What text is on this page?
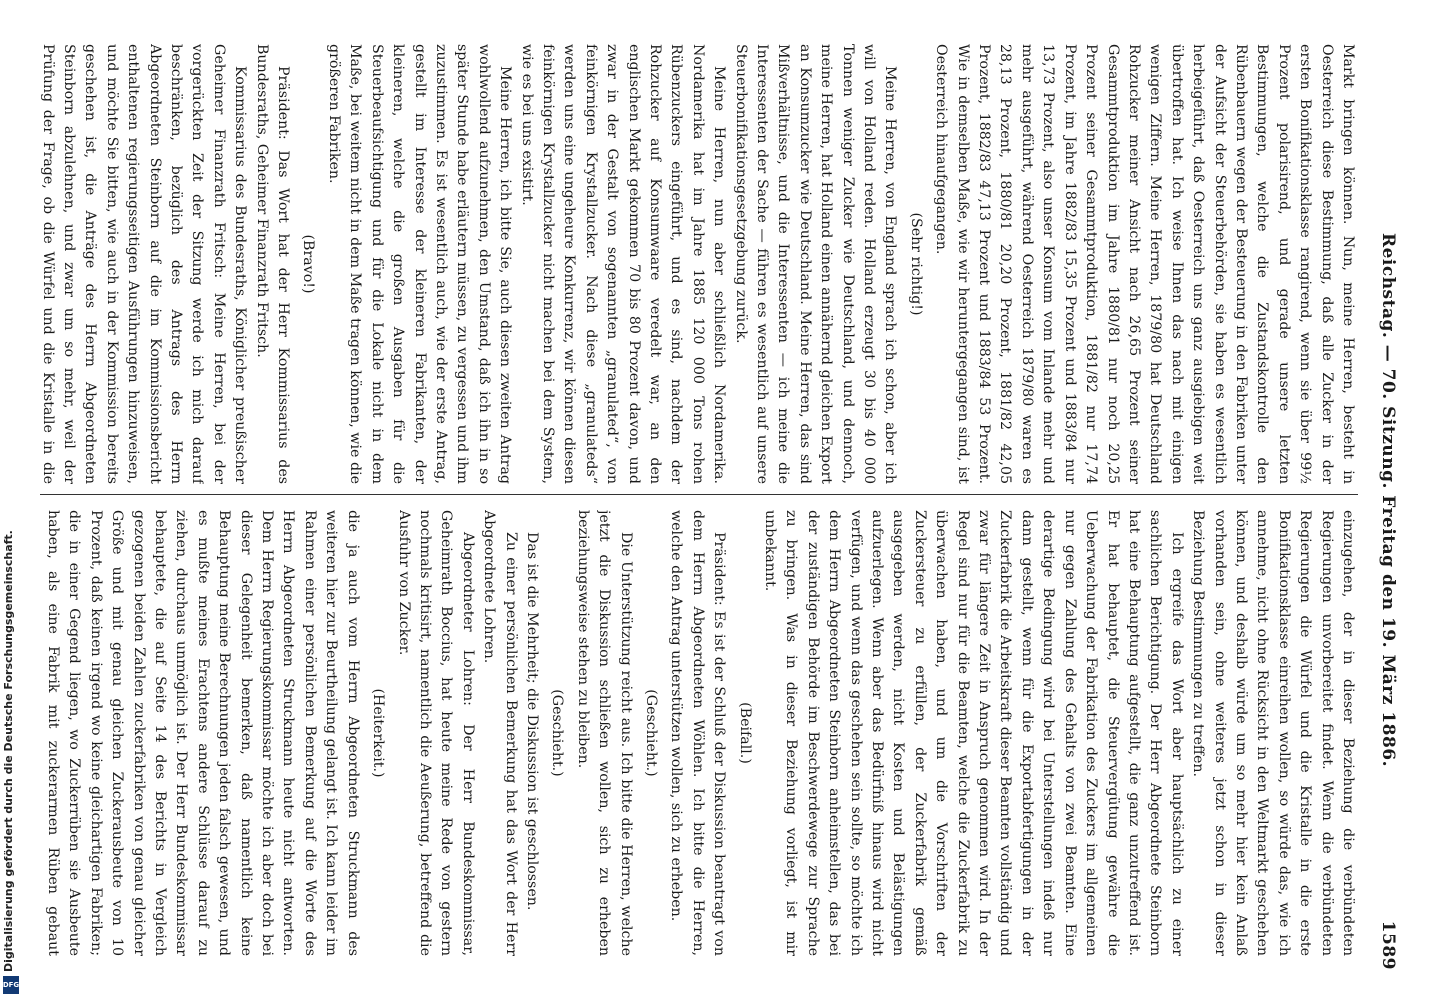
Reichstag. — 70. Sitzung. Freitag den 19. März 1886.
1589

Markt bringen können. Nun, meine Herren, besteht in Oesterreich diese Bestimmung, daß alle Zucker in der ersten Bonifikationsklasse rangirend, wenn sie über 99½ Prozent polarisirend, und gerade unsere letzten Bestimmungen, welche die Zustandskontrolle den Rübenbauern wegen der Besteuerung in den Fabriken unter der Aufsicht der Steuerbehörden, sie haben es wesentlich herbeigeführt, daß Oesterreich uns ganz ausgiebigen weit übertroffen hat. Ich weise Ihnen das nach mit einigen wenigen Ziffern. Meine Herren, 1879/80 hat Deutschland Rohzucker meiner Ansicht nach 26,65 Prozent seiner Gesammtproduktion im Jahre 1880/81 nur noch 20,25 Prozent seiner Gesammtproduktion, 1881/82 nur 17,74 Prozent, im Jahre 1882/83 15,35 Prozent und 1883/84 nur 13,73 Prozent, also unser Konsum vom Inlande mehr und mehr ausgeführt, während Oesterreich 1879/80 waren es 28,13 Prozent, 1880/81 20,20 Prozent, 1881/82 42,05 Prozent, 1882/83 47,13 Prozent und 1883/84 53 Prozent. Wie in demselben Maße, wie wir heruntergegangen sind, ist Oesterreich hinaufgegangen.

(Sehr richtig!)

Meine Herren, von England sprach ich schon, aber ich will von Holland reden. Holland erzeugt 30 bis 40 000 Tonnen weniger Zucker wie Deutschland, und dennoch, meine Herren, hat Holland einen annähernd gleichen Export an Konsumzucker wie Deutschland. Meine Herren, das sind Mißverhältnisse, und die Interessenten — ich meine die Interessenten der Sache — führen es wesentlich auf unsere Steuerbonifikationsgesetzgebung zurück.

Meine Herren, nun aber schließlich Nordamerika. Nordamerika hat im Jahre 1885 120 000 Tons rohen Rübenzuckers eingeführt, und es sind, nachdem der Rohzucker auf Konsumwaare veredelt war, an den englischen Markt gekommen 70 bis 80 Prozent davon, und zwar in der Gestalt von sogenannten „granulated“, von feinkörnigen Krystallzucker. Nach diese „granulateds“ werden uns eine ungeheure Konkurrenz, wir können diesen feinkörnigen Krystallzucker nicht machen bei dem System, wie es bei uns existirt.

Meine Herren, ich bitte Sie, auch diesen zweiten Antrag wohlwollend aufzunehmen, den Umstand, daß ich ihn in so später Stunde habe erläutern müssen, zu vergessen und ihm zuzustimmen. Es ist wesentlich auch, wie der erste Antrag, gestellt im Interesse der kleineren Fabrikanten, der kleineren, welche die großen Ausgaben für die Steuerbeaufsichtigung und für die Lokale nicht in dem Maße, bei weitem nicht in dem Maße tragen können, wie die größeren Fabriken.

(Bravo!)

Präsident: Das Wort hat der Herr Kommissarius des Bundesraths, Geheimer Finanzrath Fritsch.

Kommissarius des Bundesraths, Königlicher preußischer Geheimer Finanzrath Fritsch: Meine Herren, bei der vorgerückten Zeit der Sitzung werde ich mich darauf beschränken, bezüglich des Antrags des Herrn Abgeordneten Steinborn auf die im Kommissionsbericht enthaltenen regierungsseitigen Ausführungen hinzuweisen, und möchte Sie bitten, wie auch in der Kommission bereits geschehen ist, die Anträge des Herrn Abgeordneten Steinborn abzulehnen, und zwar um so mehr, weil der Prüfung der Frage, ob die Würfel und die Kristalle in die

einzugehen, der in dieser Beziehung die verbündeten Regierungen unvorbereitet findet. Wenn die verbündeten Regierungen die Würfel und die Kristalle in die erste Bonifikationsklasse einreihen wollen, so würde das, wie ich annehme, nicht ohne Rücksicht in den Weltmarkt geschehen können, und deshalb würde um so mehr hier kein Anlaß vorhanden sein, ohne weiteres jetzt schon in dieser Beziehung Bestimmungen zu treffen.

Ich ergreife das Wort aber hauptsächlich zu einer sachlichen Berichtigung. Der Herr Abgeordnete Steinborn hat eine Behauptung aufgestellt, die ganz unzutreffend ist. Er hat behauptet, die Steuervergütung gewähre die Ueberwachung der Fabrikation des Zuckers im allgemeinen nur gegen Zahlung des Gehalts von zwei Beamten. Eine derartige Bedingung wird bei Unterstellungen indeß nur dann gestellt, wenn für die Exportabfertigungen in der Zuckerfabrik die Arbeitskraft dieser Beamten vollständig und zwar für längere Zeit in Anspruch genommen wird. In der Regel sind nur für die Beamten, welche die Zuckerfabrik zu überwachen haben, und um die Vorschriften der Zuckersteuer zu erfüllen, der Zuckerfabrik gemäß ausgegeben werden, nicht Kosten und Belästigungen aufzuerlegen. Wenn aber das Bedürfniß hinaus wird nicht verfügen, und wenn das geschehen sein sollte, so möchte ich dem Herrn Abgeordneten Steinborn anheimstellen, das bei der zuständigen Behörde im Beschwerdewege zur Sprache zu bringen. Was in dieser Beziehung vorliegt, ist mir unbekannt.

(Beifall.)

Präsident: Es ist der Schluß der Diskussion beantragt von dem Herrn Abgeordneten Wöhlen. Ich bitte die Herren, welche den Antrag unterstützen wollen, sich zu erheben.

(Geschieht.)

Die Unterstützung reicht aus. Ich bitte die Herren, welche jetzt die Diskussion schließen wollen, sich zu erheben beziehungsweise stehen zu bleiben.

(Geschieht.)

Das ist die Mehrheit; die Diskussion ist geschlossen.

Zu einer persönlichen Bemerkung hat das Wort der Herr Abgeordnete Lohren.

Abgeordneter Lohren: Der Herr Bundeskommissar, Geheimrath Boccius, hat heute meine Rede von gestern nochmals kritisirt, namentlich die Aeußerung, betreffend die Ausfuhr von Zucker.

(Heiterkeit.)

die ja auch vom Herrn Abgeordneten Struckmann des weiteren hier zur Beurtheilung gelangt ist. Ich kann leider im Rahmen einer persönlichen Bemerkung auf die Worte des Herrn Abgeordneten Struckmann heute nicht antworten. Dem Herrn Regierungskommissar möchte ich aber doch bei dieser Gelegenheit bemerken, daß namentlich keine Behauptung meine Berechnungen jeden falsch gewesen, und es mußte meines Erachtens andere Schlüsse darauf zu ziehen, durchaus unmöglich ist. Der Herr Bundeskommissar behauptete, die auf Seite 14 des Berichts in Vergleich gezogenen beiden Zahlen zuckerfabriken von genau gleicher Größe und mit genau gleichen Zuckerausbeute von 10 Prozent, daß keinen irgend wo keine gleichartigen Fabriken; die in einer Gegend liegen, wo Zuckerrüben sie Ausbeute haben, als eine Fabrik mit zuckerarmen Rüben gebaut

Digitalisierung gefördert durch die Deutsche Forschungsgemeinschaft.
DFG
